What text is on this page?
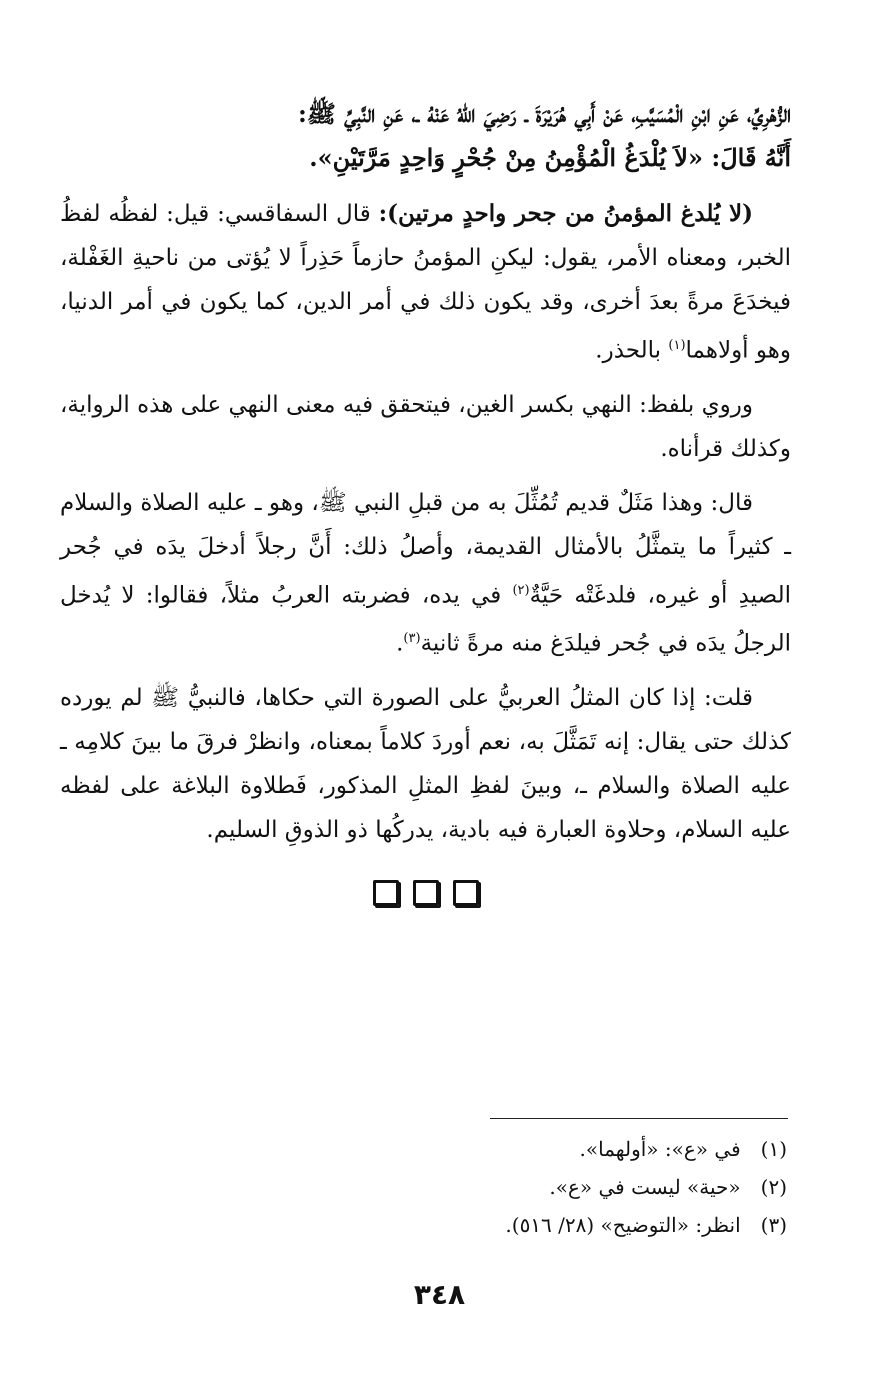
الزُّهْرِيِّ، عَنِ ابْنِ الْمُسَيَّبِ، عَنْ أَبِي هُرَيْرَةَ ـ رَضِيَ اللهُ عَنْهُ ـ، عَنِ النَّبِيِّ ﷺ:
أَنَّهُ قَالَ: «لاَ يُلْدَغُ الْمُؤْمِنُ مِنْ جُحْرٍ وَاحِدٍ مَرَّتَيْنِ».

(لا يُلدغ المؤمنُ من جحر واحدٍ مرتين): قال السفاقسي: قيل: لفظُه لفظُ الخبر، ومعناه الأمر، يقول: ليكنِ المؤمنُ حازماً حَذِراً لا يُؤتى من ناحيةِ الغَفْلة، فيخدَعَ مرةً بعدَ أخرى، وقد يكون ذلك في أمر الدين، كما يكون في أمر الدنيا، وهو أولاهما$^{(١)}$ بالحذر.

وروي بلفظ: النهي بكسر الغين، فيتحقق فيه معنى النهي على هذه الرواية، وكذلك قرأناه.

قال: وهذا مَثَلٌ قديم تُمُثِّلَ به من قبلِ النبي ﷺ، وهو ـ عليه الصلاة والسلام ـ كثيراً ما يتمثَّلُ بالأمثال القديمة، وأصلُ ذلك: أَنَّ رجلاً أدخلَ يدَه في جُحر الصيدِ أو غيره، فلدغَتْه حَيَّةٌ$^{(٢)}$ في يده، فضربته العربُ مثلاً، فقالوا: لا يُدخل الرجلُ يدَه في جُحر فيلدَغ منه مرةً ثانية$^{(٣)}$.

قلت: إذا كان المثلُ العربيُّ على الصورة التي حكاها، فالنبيُّ ﷺ لم يورده كذلك حتى يقال: إنه تَمَثَّلَ به، نعم أوردَ كلاماً بمعناه، وانظرْ فرقَ ما بينَ كلامِه ـ عليه الصلاة والسلام ـ، وبينَ لفظِ المثلِ المذكور، فَطلاوة البلاغة على لفظه عليه السلام، وحلاوة العبارة فيه بادية، يدركُها ذو الذوقِ السليم.

(١) في «ع»: «أولهما».
(٢) «حية» ليست في «ع».
(٣) انظر: «التوضيح» (٢٨/ ٥١٦).
٣٤٨
